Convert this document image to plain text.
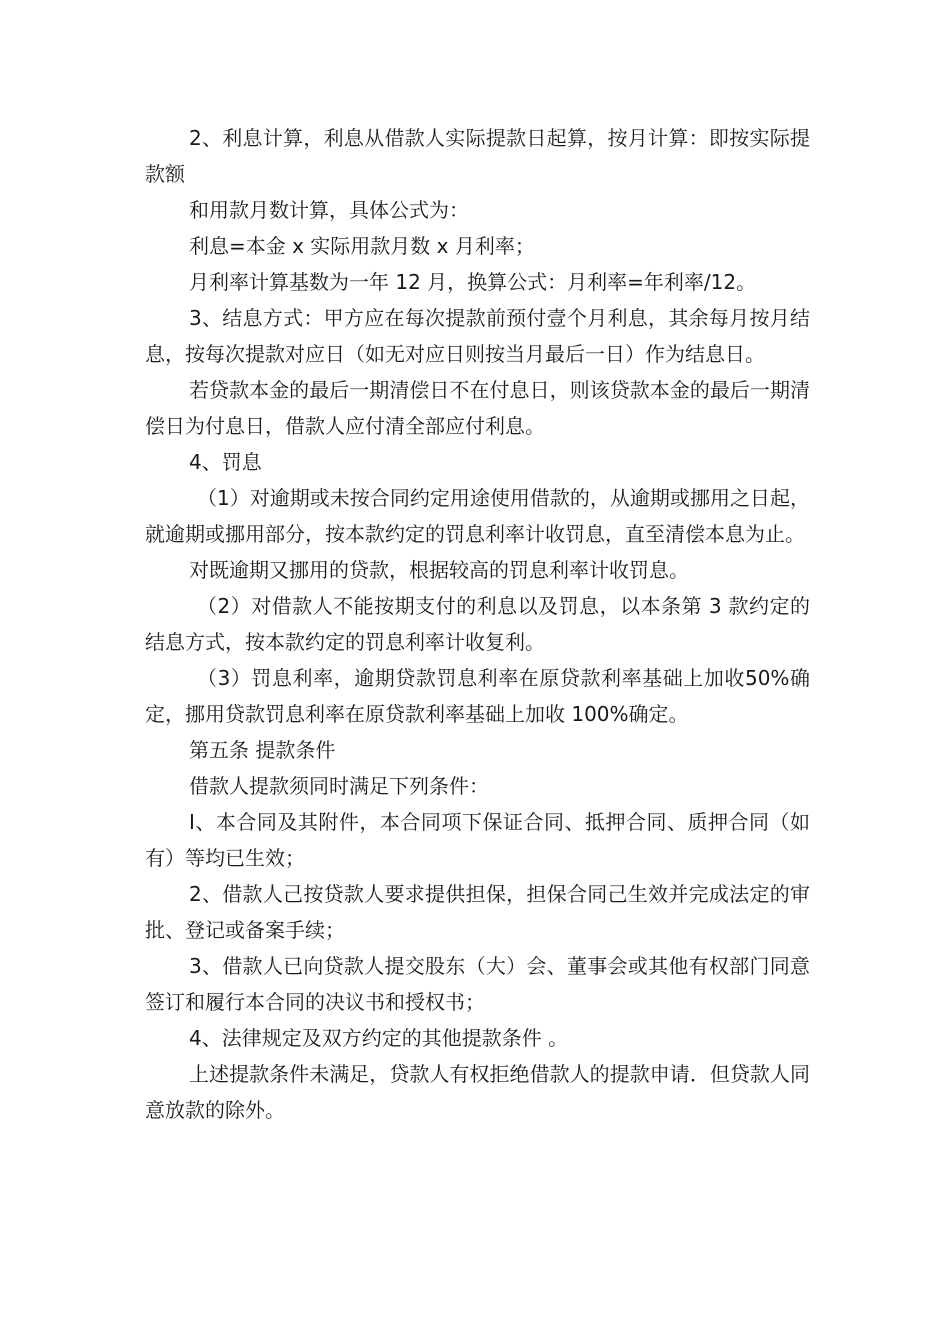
2、利息计算，利息从借款人实际提款日起算，按月计算：即按实际提款额

和用款月数计算，具体公式为：

利息=本金 x 实际用款月数 x 月利率；

月利率计算基数为一年 12 月，换算公式：月利率=年利率/12。

3、结息方式：甲方应在每次提款前预付壹个月利息，其余每月按月结息，按每次提款对应日（如无对应日则按当月最后一日）作为结息日。

若贷款本金的最后一期清偿日不在付息日，则该贷款本金的最后一期清偿日为付息日，借款人应付清全部应付利息。

4、罚息

（1）对逾期或未按合同约定用途使用借款的，从逾期或挪用之日起，就逾期或挪用部分，按本款约定的罚息利率计收罚息，直至清偿本息为止。

对既逾期又挪用的贷款，根据较高的罚息利率计收罚息。

（2）对借款人不能按期支付的利息以及罚息，以本条第 3 款约定的结息方式，按本款约定的罚息利率计收复利。

（3）罚息利率，逾期贷款罚息利率在原贷款利率基础上加收50%确定，挪用贷款罚息利率在原贷款利率基础上加收 100%确定。

第五条 提款条件

借款人提款须同时满足下列条件：

I、本合同及其附件，本合同项下保证合同、抵押合同、质押合同（如有）等均已生效；

2、借款人己按贷款人要求提供担保，担保合同己生效并完成法定的审批、登记或备案手续；

3、借款人已向贷款人提交股东（大）会、董事会或其他有权部门同意签订和履行本合同的决议书和授权书；

4、法律规定及双方约定的其他提款条件 。

上述提款条件未满足，贷款人有权拒绝借款人的提款申请．但贷款人同意放款的除外。
